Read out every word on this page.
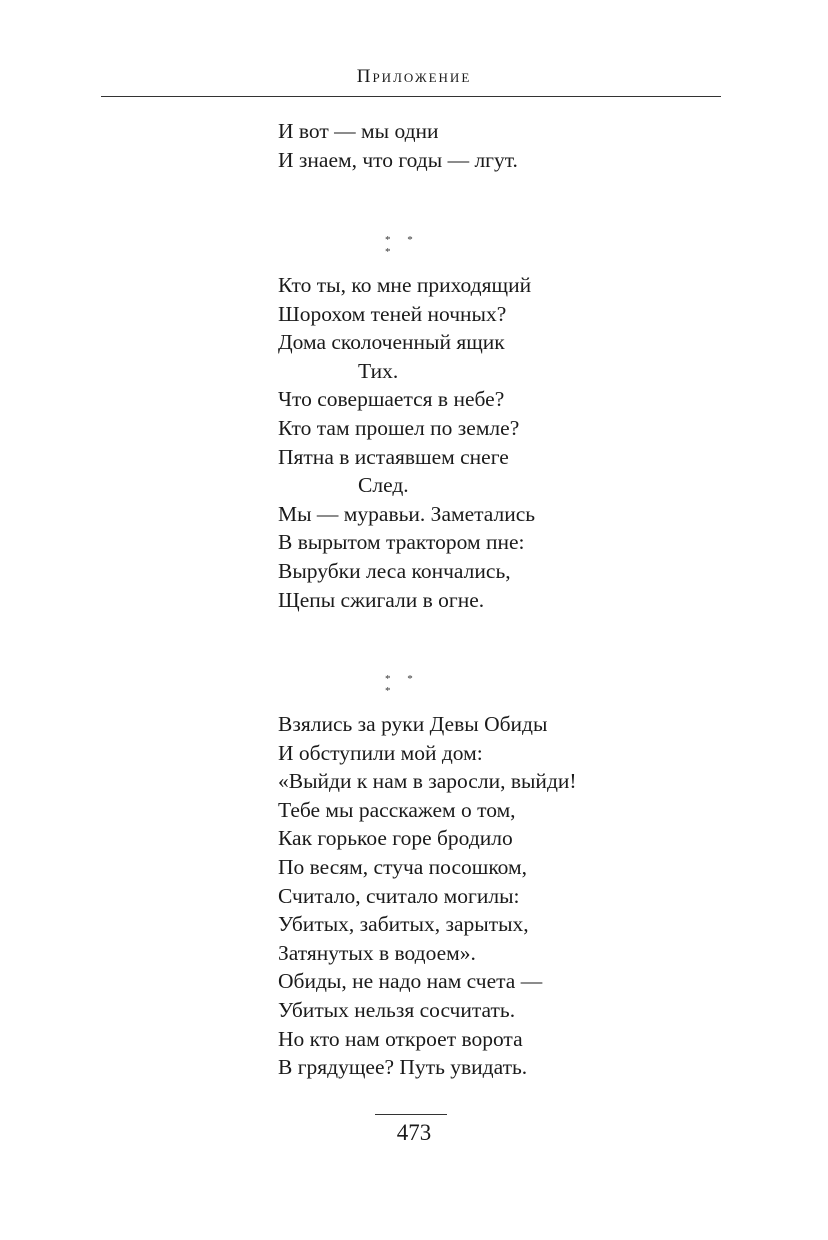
Приложение
И вот — мы одни
И знаем, что годы — лгут.
* * *
Кто ты, ко мне приходящий
Шорохом теней ночных?
Дома сколоченный ящик
Тих.
Что совершается в небе?
Кто там прошел по земле?
Пятна в истаявшем снеге
След.
Мы — муравьи. Заметались
В вырытом трактором пне:
Вырубки леса кончались,
Щепы сжигали в огне.
* * *
Взялись за руки Девы Обиды
И обступили мой дом:
«Выйди к нам в заросли, выйди!
Тебе мы расскажем о том,
Как горькое горе бродило
По весям, стуча посошком,
Считало, считало могилы:
Убитых, забитых, зарытых,
Затянутых в водоем».
Обиды, не надо нам счета —
Убитых нельзя сосчитать.
Но кто нам откроет ворота
В грядущее? Путь увидать.
473
